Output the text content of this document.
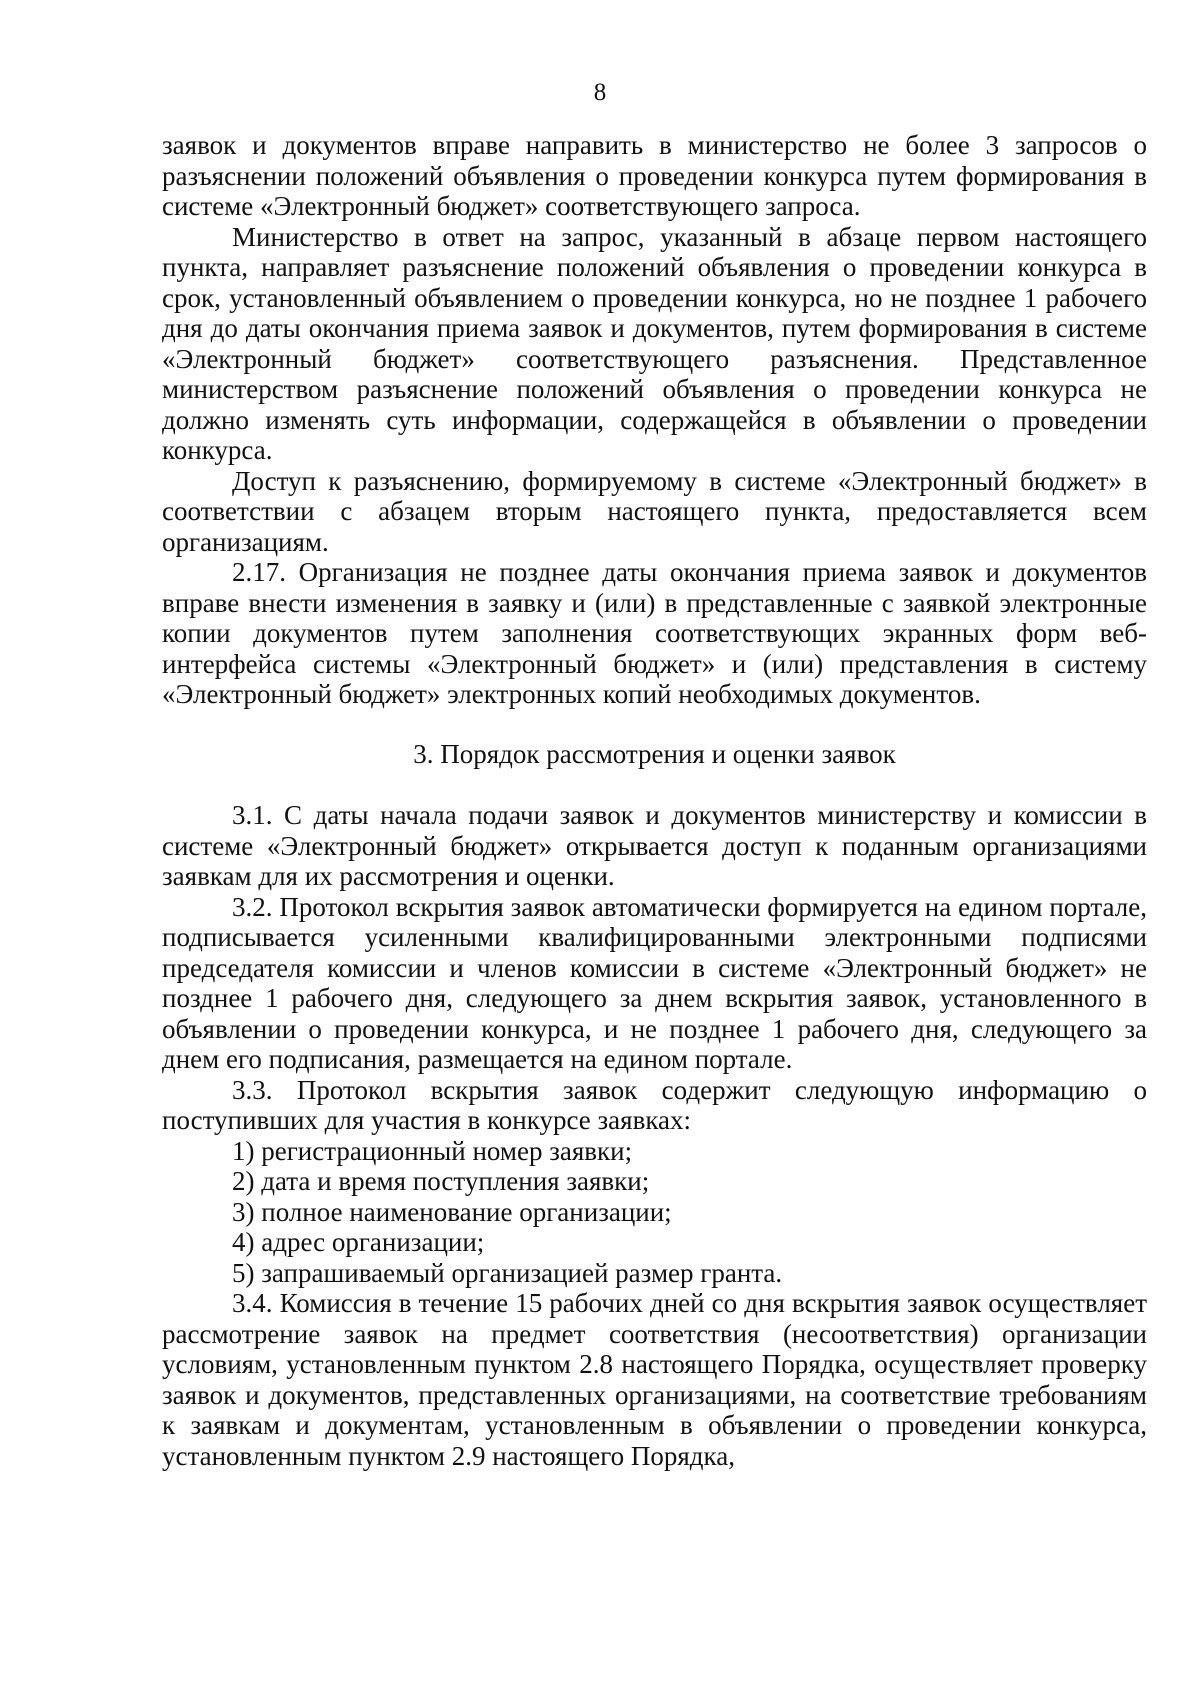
8

заявок и документов вправе направить в министерство не более 3 запросов о разъяснении положений объявления о проведении конкурса путем формирования в системе «Электронный бюджет» соответствующего запроса.

Министерство в ответ на запрос, указанный в абзаце первом настоящего пункта, направляет разъяснение положений объявления о проведении конкурса в срок, установленный объявлением о проведении конкурса, но не позднее 1 рабочего дня до даты окончания приема заявок и документов, путем формирования в системе «Электронный бюджет» соответствующего разъяснения. Представленное министерством разъяснение положений объявления о проведении конкурса не должно изменять суть информации, содержащейся в объявлении о проведении конкурса.

Доступ к разъяснению, формируемому в системе «Электронный бюджет» в соответствии с абзацем вторым настоящего пункта, предоставляется всем организациям.

2.17. Организация не позднее даты окончания приема заявок и документов вправе внести изменения в заявку и (или) в представленные с заявкой электронные копии документов путем заполнения соответствующих экранных форм веб-интерфейса системы «Электронный бюджет» и (или) представления в систему «Электронный бюджет» электронных копий необходимых документов.

3. Порядок рассмотрения и оценки заявок

3.1. С даты начала подачи заявок и документов министерству и комиссии в системе «Электронный бюджет» открывается доступ к поданным организациями заявкам для их рассмотрения и оценки.

3.2. Протокол вскрытия заявок автоматически формируется на едином портале, подписывается усиленными квалифицированными электронными подписями председателя комиссии и членов комиссии в системе «Электронный бюджет» не позднее 1 рабочего дня, следующего за днем вскрытия заявок, установленного в объявлении о проведении конкурса, и не позднее 1 рабочего дня, следующего за днем его подписания, размещается на едином портале.

3.3. Протокол вскрытия заявок содержит следующую информацию о поступивших для участия в конкурсе заявках:

1) регистрационный номер заявки;

2) дата и время поступления заявки;

3) полное наименование организации;

4) адрес организации;

5) запрашиваемый организацией размер гранта.

3.4. Комиссия в течение 15 рабочих дней со дня вскрытия заявок осуществляет рассмотрение заявок на предмет соответствия (несоответствия) организации условиям, установленным пунктом 2.8 настоящего Порядка, осуществляет проверку заявок и документов, представленных организациями, на соответствие требованиям к заявкам и документам, установленным в объявлении о проведении конкурса, установленным пунктом 2.9 настоящего Порядка,
